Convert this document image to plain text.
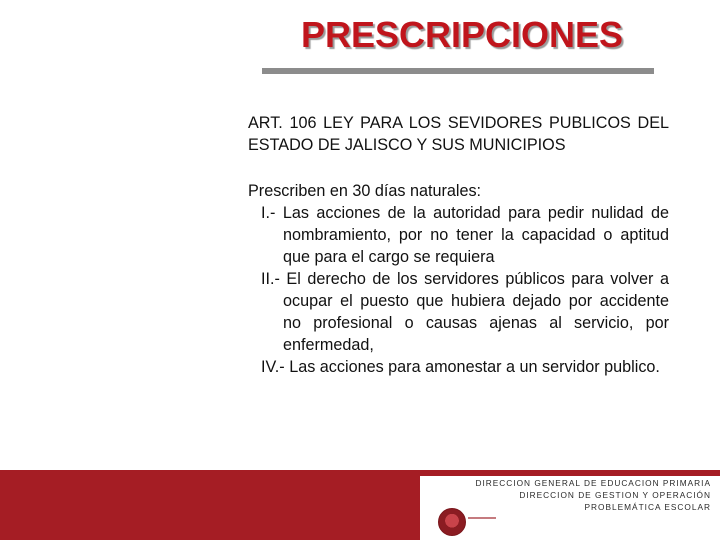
PRESCRIPCIONES

ART. 106 LEY PARA LOS SEVIDORES PUBLICOS DEL ESTADO DE JALISCO Y SUS MUNICIPIOS

Prescriben en 30 días naturales:

I.- Las acciones de la autoridad para pedir nulidad de nombramiento, por no tener la capacidad o aptitud que para el cargo se requiera
II.- El derecho de los servidores públicos para volver a ocupar el puesto que hubiera dejado por accidente no profesional o causas ajenas al servicio, por enfermedad,
IV.- Las acciones para amonestar a un servidor publico.
DIRECCION GENERAL DE EDUCACION PRIMARIA
DIRECCION DE GESTION Y OPERACIÓN
PROBLEMÁTICA ESCOLAR
